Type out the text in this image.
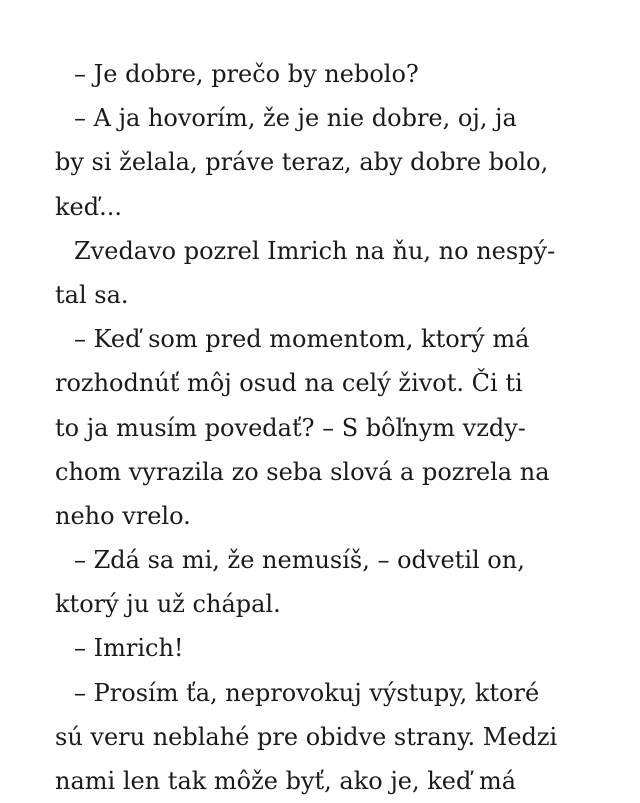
– Je dobre, prečo by nebolo?
– A ja hovorím, že je nie dobre, oj, ja
by si želala, práve teraz, aby dobre bolo,
keď...
Zvedavo pozrel Imrich na ňu, no nespý-
tal sa.
– Keď som pred momentom, ktorý má
rozhodnúť môj osud na celý život. Či ti
to ja musím povedať? – S bôľnym vzdy-
chom vyrazila zo seba slová a pozrela na
neho vrelo.
– Zdá sa mi, že nemusíš, – odvetil on,
ktorý ju už chápal.
– Imrich!
– Prosím ťa, neprovokuj výstupy, ktoré
sú veru neblahé pre obidve strany. Medzi
nami len tak môže byť, ako je, keď má
